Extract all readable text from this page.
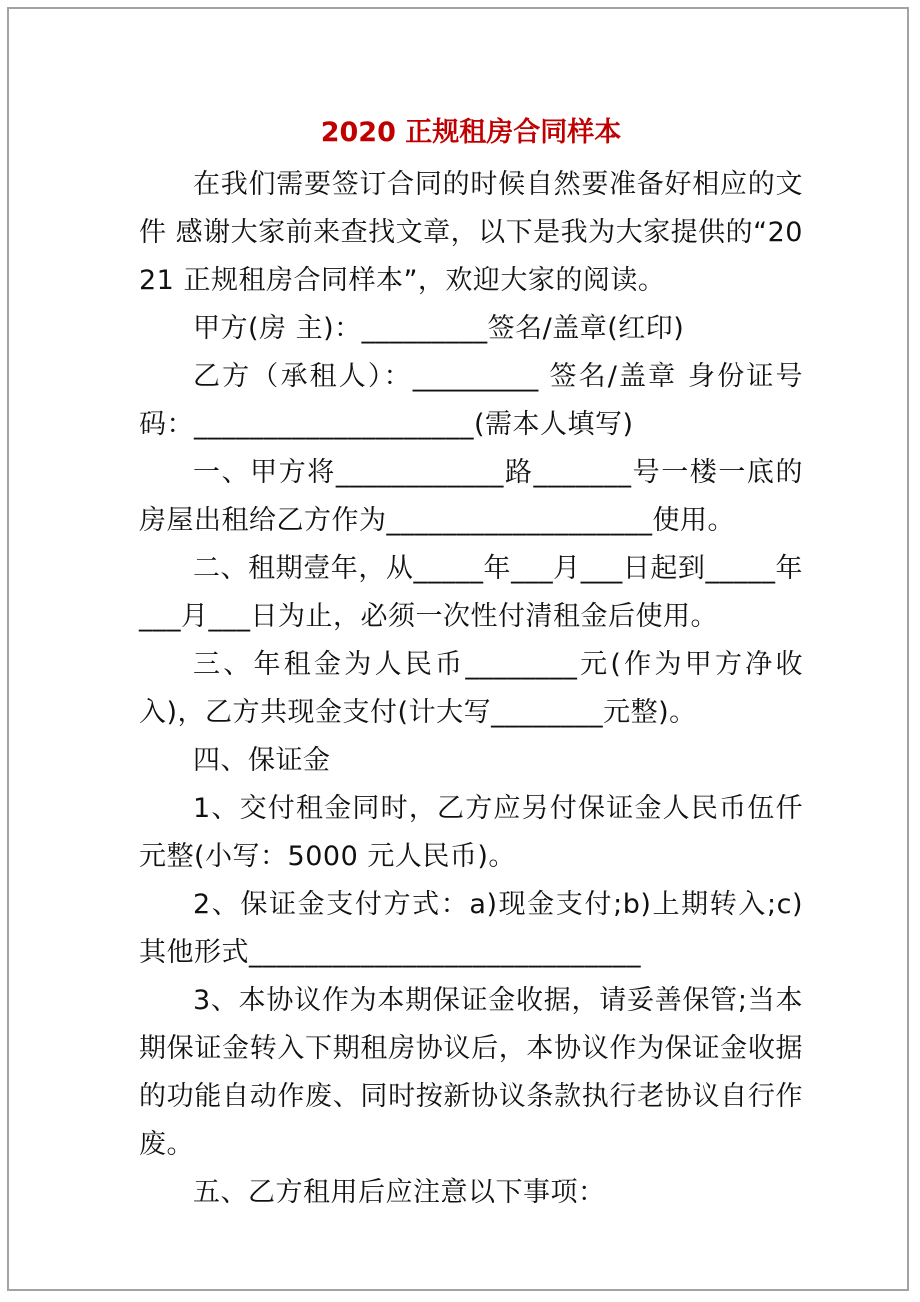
2020 正规租房合同样本

在我们需要签订合同的时候自然要准备好相应的文件 感谢大家前来查找文章，以下是我为大家提供的“2021 正规租房合同样本”，欢迎大家的阅读。

甲方(房 主)：_________签名/盖章(红印)

乙方（承租人）：_________ 签名/盖章 身份证号码：____________________(需本人填写)

一、甲方将____________路_______号一楼一底的房屋出租给乙方作为___________________使用。

二、租期壹年，从_____年___月___日起到_____年___月___日为止，必须一次性付清租金后使用。

三、年租金为人民币________元(作为甲方净收入)，乙方共现金支付(计大写________元整)。

四、保证金

1、交付租金同时，乙方应另付保证金人民币伍仟元整(小写：5000 元人民币)。

2、保证金支付方式：a)现金支付;b)上期转入;c)其他形式____________________________

3、本协议作为本期保证金收据，请妥善保管;当本期保证金转入下期租房协议后，本协议作为保证金收据的功能自动作废、同时按新协议条款执行老协议自行作废。

五、乙方租用后应注意以下事项：
